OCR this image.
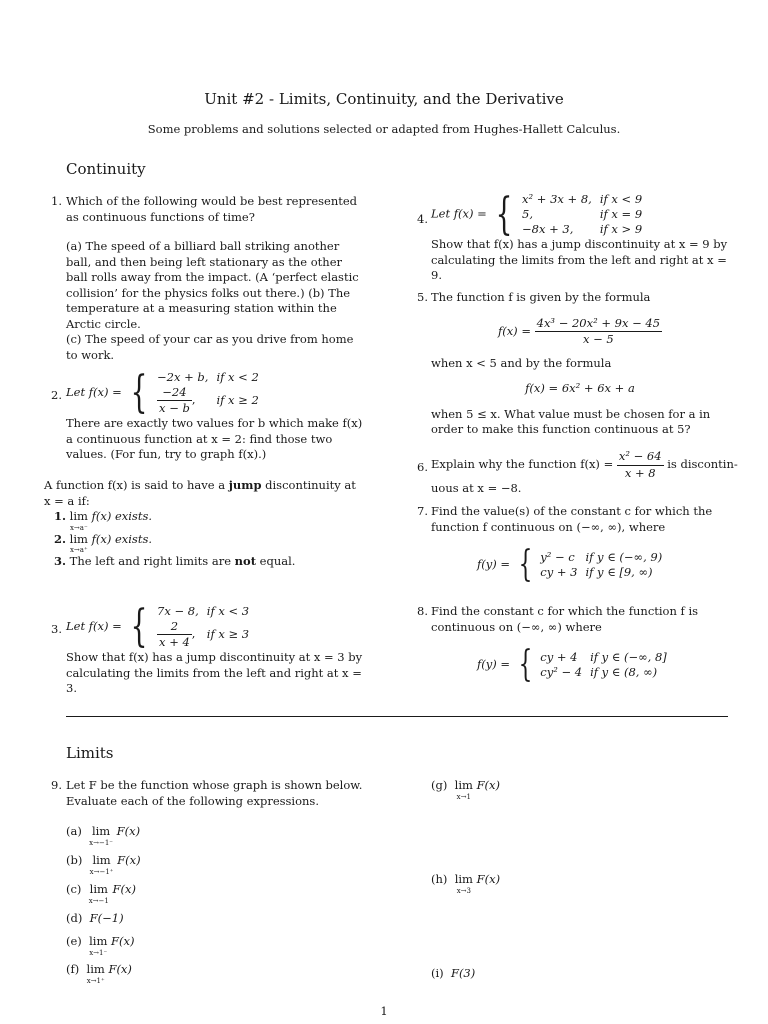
Unit #2 - Limits, Continuity, and the Derivative
Some problems and solutions selected or adapted from Hughes-Hallett Calculus.
Continuity
1. Which of the following would be best represented as continuous functions of time?
(a) The speed of a billiard ball striking another ball, and then being left stationary as the other ball rolls away from the impact. (A ‘perfect elastic collision’ for the physics folks out there.) (b) The temperature at a measuring station within the Arctic circle.
(c) The speed of your car as you drive from home to work.
2. Let f(x) = { −2x + b,	if x < 2

$\frac{-24}{x - b}$ ,	if x ≥ 2
There are exactly two values for b which make f(x) a continuous function at x = 2: find those two values. (For fun, try to graph f(x).)
A function f(x) is said to have a jump discontinuity at x = a if:
1. lim
x→a⁻
f(x) exists.
2. lim
x→a⁺
f(x) exists.
3. The left and right limits are not equal.
3. Let f(x) = { 7x − 8,	if x < 3

$\frac{2}{x + 4}$ ,	if x ≥ 3
Show that f(x) has a jump discontinuity at x = 3 by calculating the limits from the left and right at x = 3.
4. Let f(x) = { x² + 3x + 8,	if x < 9
5,	if x = 9
−8x + 3,	if x > 9
Show that f(x) has a jump discontinuity at x = 9 by calculating the limits from the left and right at x = 9.
5. The function f is given by the formula
$f(x) = \frac{\text{4x³ − 20x² + 9x − 45}}{x - 5}$
when x < 5 and by the formula
f(x) = 6x² + 6x + a
when 5 ≤ x. What value must be chosen for a in order to make this function continuous at 5?
6. Explain why the function $f(x) = \frac{\text{x² − 64}}{x + 8}$ is discontin-
uous at x = −8.
7. Find the value(s) of the constant c for which the function f continuous on (−∞, ∞), where
f(y) = { y² − c	if y ∈ (−∞, 9)
cy + 3	if y ∈ [9, ∞)
8. Find the constant c for which the function f is continuous on (−∞, ∞) where
f(y) = { cy + 4	if y ∈ (−∞, 8]
cy² − 4	if y ∈ (8, ∞)
Limits
9. Let F be the function whose graph is shown below. Evaluate each of the following expressions.
(a) lim
x→−1⁻
F(x)
(b) lim
x→−1⁺
F(x)
(c) lim
x→−1
F(x)
(d) F(−1)
(e) lim
x→1⁻
F(x)
(f) lim
x→1⁺
F(x)
(g) lim
x→1
F(x)
(h) lim
x→3
F(x)
(i) F(3)
1
